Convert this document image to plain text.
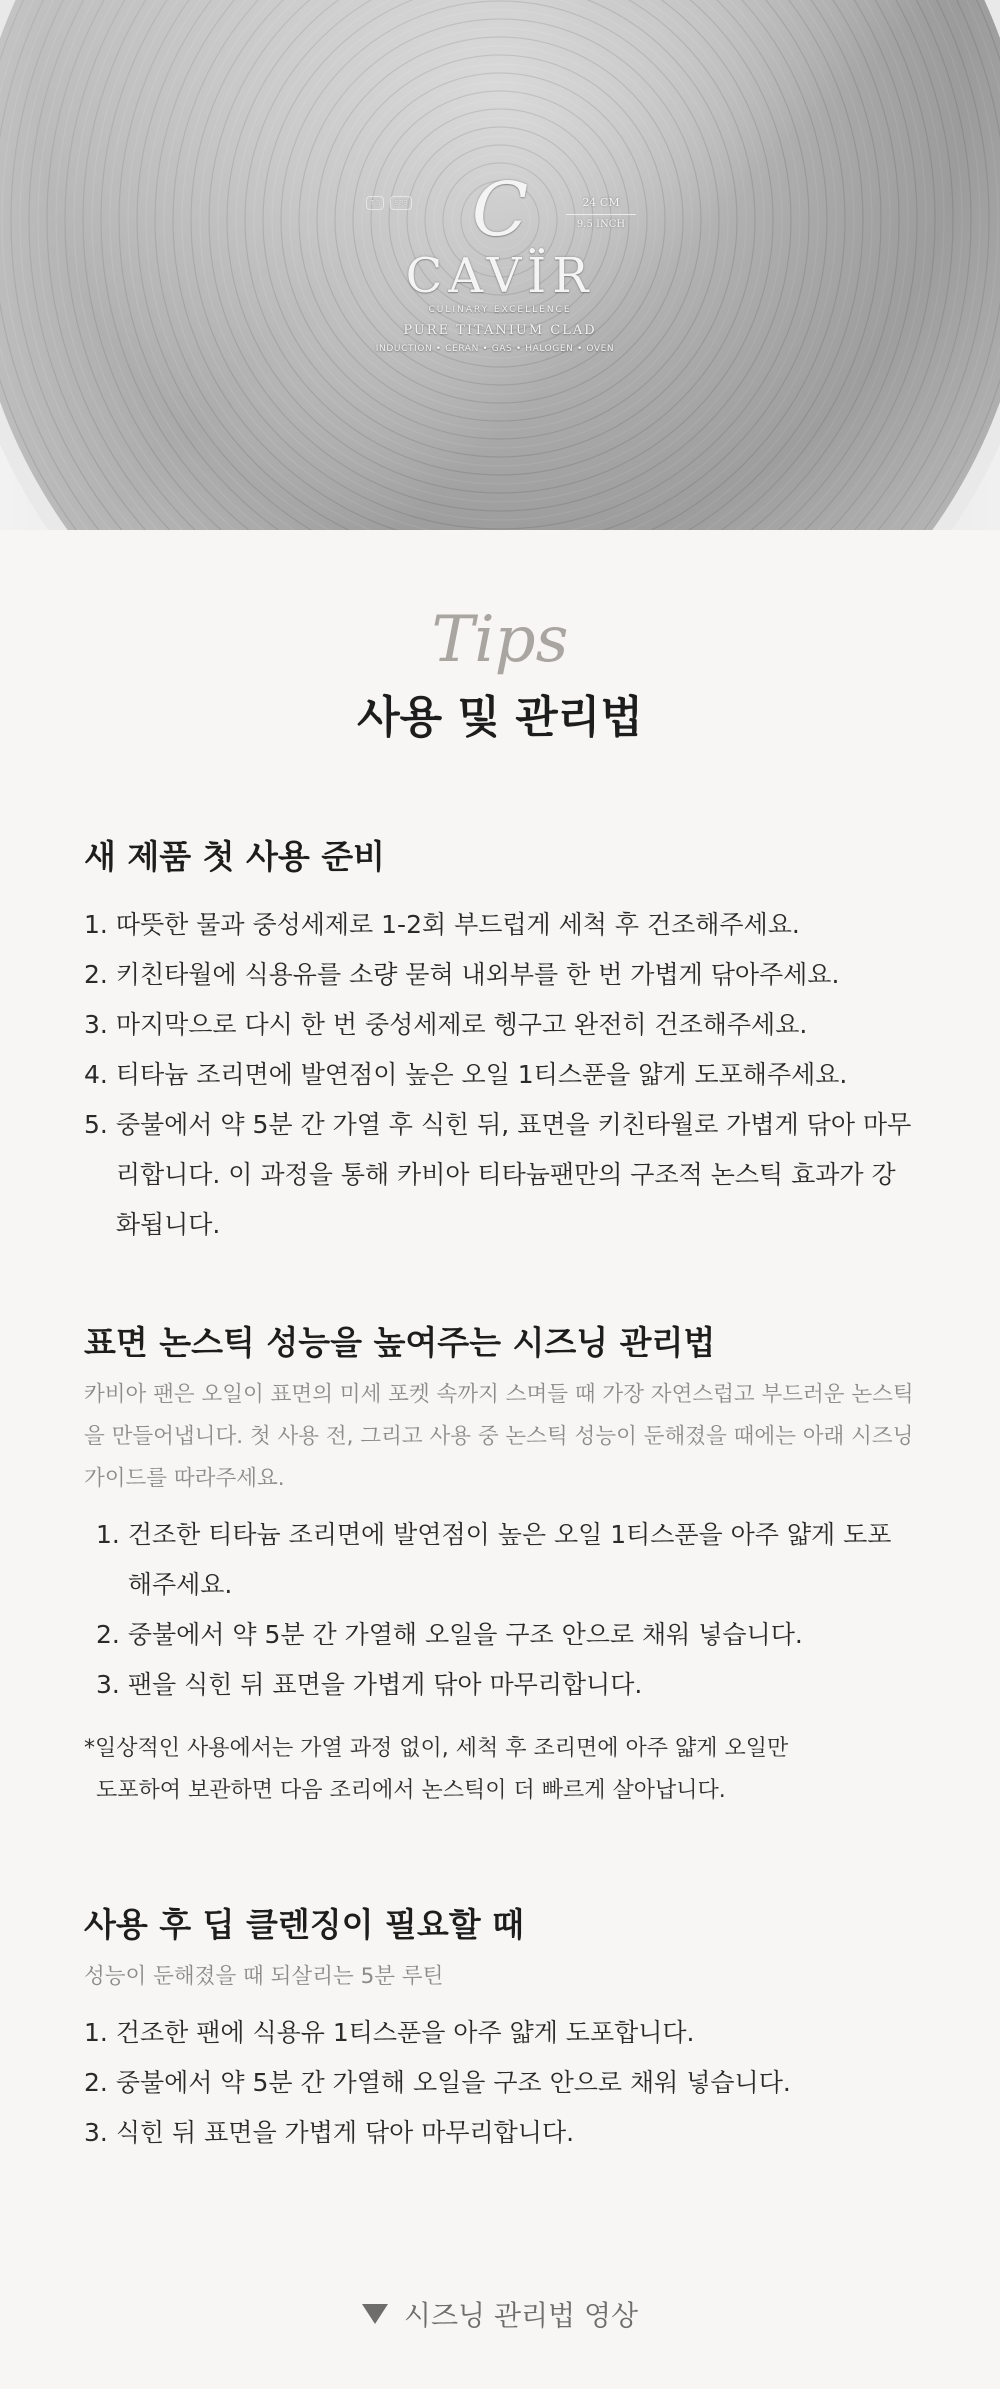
TiS	SP3	24 CM
9.5 INCH
C
CAVÏR
CULINARY EXCELLENCE
PURE TITANIUM CLAD
INDUCTION • CERAN • GAS • HALOGEN • OVEN
Tips
사용 및 관리법
새 제품 첫 사용 준비
1. 따뜻한 물과 중성세제로 1-2회 부드럽게 세척 후 건조해주세요.
2. 키친타월에 식용유를 소량 묻혀 내외부를 한 번 가볍게 닦아주세요.
3. 마지막으로 다시 한 번 중성세제로 헹구고 완전히 건조해주세요.
4. 티타늄 조리면에 발연점이 높은 오일 1티스푼을 얇게 도포해주세요.
5. 중불에서 약 5분 간 가열 후 식힌 뒤, 표면을 키친타월로 가볍게 닦아 마무리합니다. 이 과정을 통해 카비아 티타늄팬만의 구조적 논스틱 효과가 강화됩니다.
표면 논스틱 성능을 높여주는 시즈닝 관리법

카비아 팬은 오일이 표면의 미세 포켓 속까지 스며들 때 가장 자연스럽고 부드러운 논스틱을 만들어냅니다. 첫 사용 전, 그리고 사용 중 논스틱 성능이 둔해졌을 때에는 아래 시즈닝 가이드를 따라주세요.

1. 건조한 티타늄 조리면에 발연점이 높은 오일 1티스푼을 아주 얇게 도포해주세요.
2. 중불에서 약 5분 간 가열해 오일을 구조 안으로 채워 넣습니다.
3. 팬을 식힌 뒤 표면을 가볍게 닦아 마무리합니다.

*일상적인 사용에서는 가열 과정 없이, 세척 후 조리면에 아주 얇게 오일만
도포하여 보관하면 다음 조리에서 논스틱이 더 빠르게 살아납니다.

사용 후 딥 클렌징이 필요할 때

성능이 둔해졌을 때 되살리는 5분 루틴

1. 건조한 팬에 식용유 1티스푼을 아주 얇게 도포합니다.
2. 중불에서 약 5분 간 가열해 오일을 구조 안으로 채워 넣습니다.
3. 식힌 뒤 표면을 가볍게 닦아 마무리합니다.
시즈닝 관리법 영상
